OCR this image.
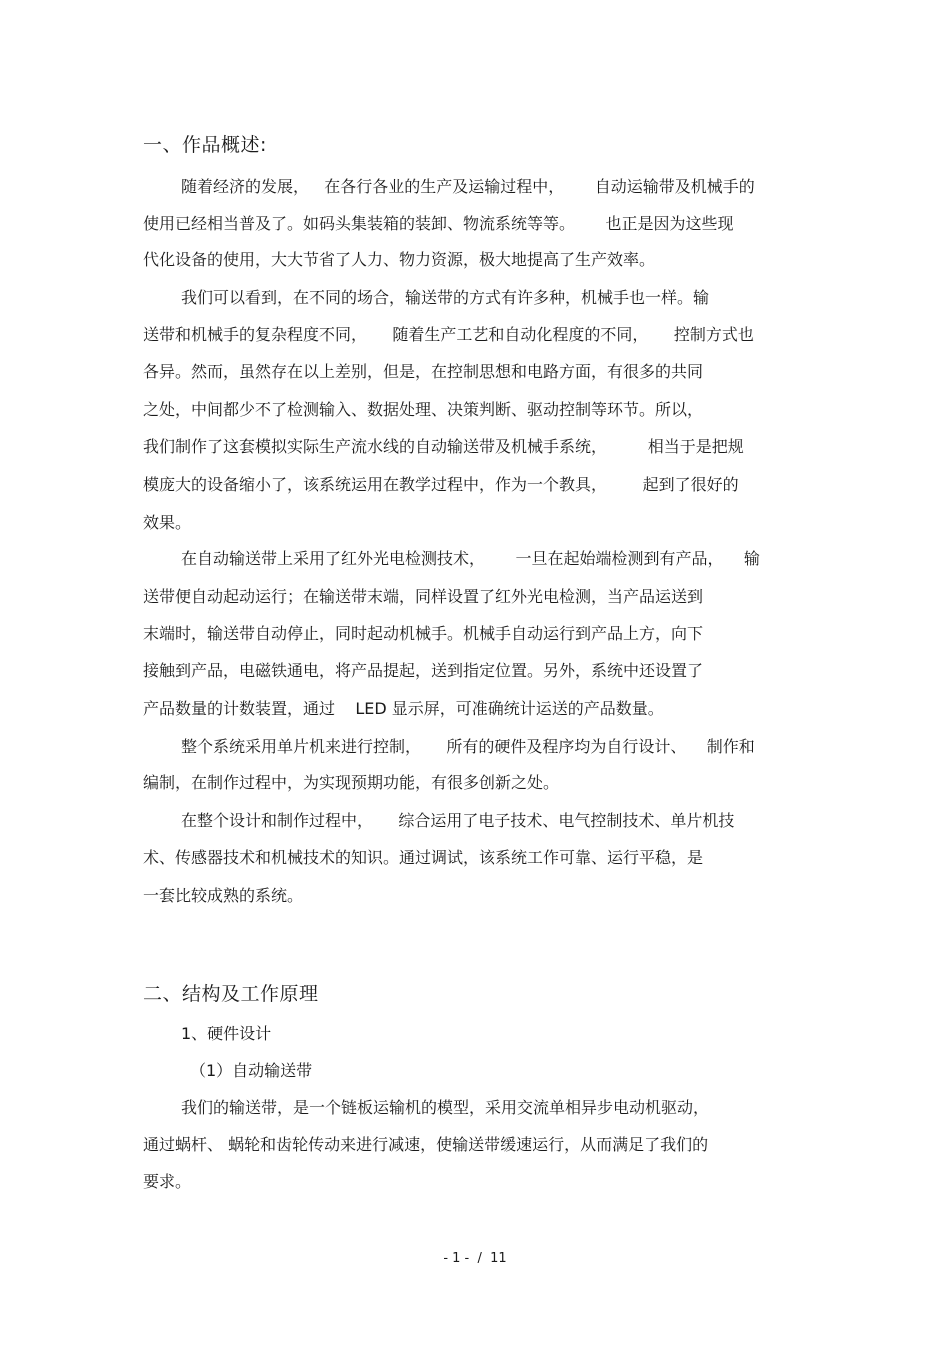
一、作品概述:
随着经济的发展，   在各行各业的生产及运输过程中，      自动运输带及机械手的
使用已经相当普及了。如码头集装箱的装卸、物流系统等等。      也正是因为这些现
代化设备的使用，大大节省了人力、物力资源，极大地提高了生产效率。
我们可以看到，在不同的场合，输送带的方式有许多种，机械手也一样。输
送带和机械手的复杂程度不同，     随着生产工艺和自动化程度的不同，     控制方式也
各异。然而，虽然存在以上差别，但是，在控制思想和电路方面，有很多的共同
之处，中间都少不了检测输入、数据处理、决策判断、驱动控制等环节。所以，
我们制作了这套模拟实际生产流水线的自动输送带及机械手系统，        相当于是把规
模庞大的设备缩小了，该系统运用在教学过程中，作为一个教具，       起到了很好的
效果。
在自动输送带上采用了红外光电检测技术，      一旦在起始端检测到有产品，    输
送带便自动起动运行；在输送带末端，同样设置了红外光电检测，当产品运送到
末端时，输送带自动停止，同时起动机械手。机械手自动运行到产品上方，向下
接触到产品，电磁铁通电，将产品提起，送到指定位置。另外，系统中还设置了
产品数量的计数装置，通过    LED 显示屏，可准确统计运送的产品数量。
整个系统采用单片机来进行控制，     所有的硬件及程序均为自行设计、    制作和
编制，在制作过程中，为实现预期功能，有很多创新之处。
在整个设计和制作过程中，     综合运用了电子技术、电气控制技术、单片机技
术、传感器技术和机械技术的知识。通过调试，该系统工作可靠、运行平稳，是
一套比较成熟的系统。
二、结构及工作原理
1、硬件设计
（1）自动输送带
我们的输送带，是一个链板运输机的模型，采用交流单相异步电动机驱动，
通过蜗杆、 蜗轮和齿轮传动来进行减速，使输送带缓速运行，从而满足了我们的
要求。
- 1 -  /  11
